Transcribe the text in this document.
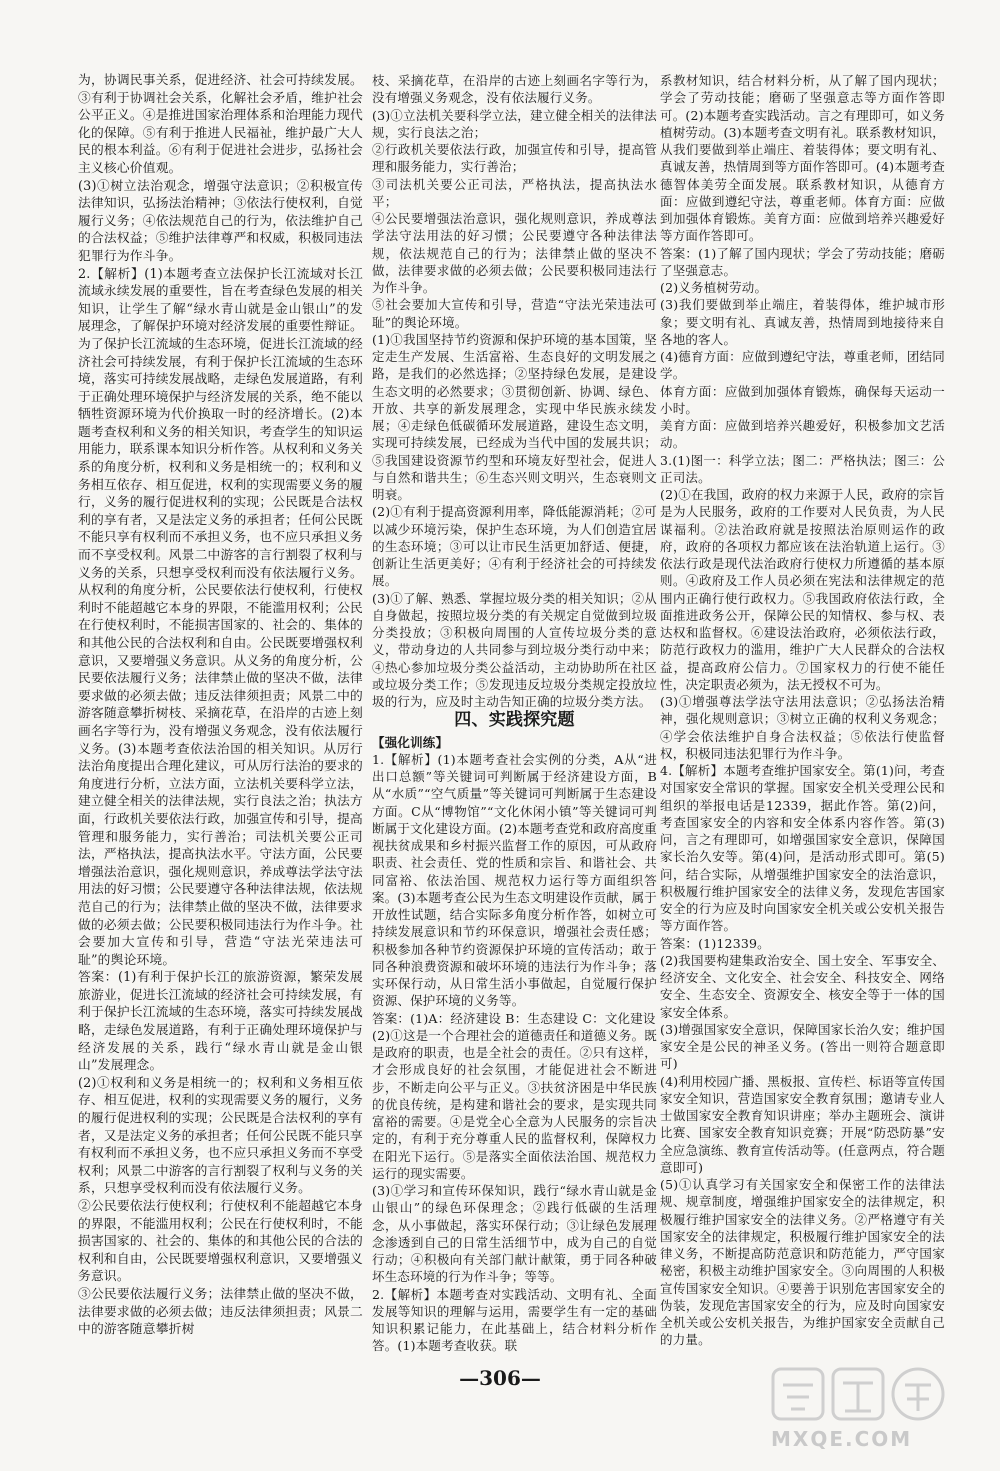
为，协调民事关系，促进经济、社会可持续发展。③有利于协调社会关系，化解社会矛盾，维护社会公平正义。④是推进国家治理体系和治理能力现代化的保障。⑤有利于推进人民福祉，维护最广大人民的根本利益。⑥有利于促进社会进步，弘扬社会主义核心价值观。

(3)①树立法治观念，增强守法意识；②积极宣传法律知识，弘扬法治精神；③依法行使权利，自觉履行义务；④依法规范自己的行为，依法维护自己的合法权益；⑤维护法律尊严和权威，积极同违法犯罪行为作斗争。

2.【解析】(1)本题考查立法保护长江流域对长江流域永续发展的重要性，旨在考查绿色发展的相关知识，让学生了解“绿水青山就是金山银山”的发展理念，了解保护环境对经济发展的重要性辩证。为了保护长江流域的生态环境，促进长江流域的经济社会可持续发展，有利于保护长江流域的生态环境，落实可持续发展战略，走绿色发展道路，有利于正确处理环境保护与经济发展的关系，绝不能以牺牲资源环境为代价换取一时的经济增长。(2)本题考查权利和义务的相关知识，考查学生的知识运用能力，联系课本知识分析作答。从权利和义务关系的角度分析，权利和义务是相统一的；权利和义务相互依存、相互促进，权利的实现需要义务的履行，义务的履行促进权利的实现；公民既是合法权利的享有者，又是法定义务的承担者；任何公民既不能只享有权利而不承担义务，也不应只承担义务而不享受权利。风景二中游客的言行割裂了权利与义务的关系，只想享受权利而没有依法履行义务。从权利的角度分析，公民要依法行使权利，行使权利时不能超越它本身的界限，不能滥用权利；公民在行使权利时，不能损害国家的、社会的、集体的和其他公民的合法权利和自由。公民既要增强权利意识，又要增强义务意识。从义务的角度分析，公民要依法履行义务；法律禁止做的坚决不做，法律要求做的必须去做；违反法律须担责；风景二中的游客随意攀折树枝、采摘花草，在沿岸的古迹上刻画名字等行为，没有增强义务观念，没有依法履行义务。(3)本题考查依法治国的相关知识。从厉行法治角度提出合理化建议，可从厉行法治的要求的角度进行分析，立法方面，立法机关要科学立法，建立健全相关的法律法规，实行良法之治；执法方面，行政机关要依法行政，加强宣传和引导，提高管理和服务能力，实行善治；司法机关要公正司法，严格执法，提高执法水平。守法方面，公民要增强法治意识，强化规则意识，养成尊法学法守法用法的好习惯；公民要遵守各种法律法规，依法规范自己的行为；法律禁止做的坚决不做，法律要求做的必须去做；公民要积极同违法行为作斗争。社会要加大宣传和引导，营造“守法光荣违法可耻”的舆论环境。

答案：(1)有利于保护长江的旅游资源，繁荣发展旅游业，促进长江流域的经济社会可持续发展，有利于保护长江流域的生态环境，落实可持续发展战略，走绿色发展道路，有利于正确处理环境保护与经济发展的关系，践行“绿水青山就是金山银山”发展理念。

(2)①权利和义务是相统一的；权利和义务相互依存、相互促进，权利的实现需要义务的履行，义务的履行促进权利的实现；公民既是合法权利的享有者，又是法定义务的承担者；任何公民既不能只享有权利而不承担义务，也不应只承担义务而不享受权利；风景二中游客的言行割裂了权利与义务的关系，只想享受权利而没有依法履行义务。

②公民要依法行使权利；行使权利不能超越它本身的界限，不能滥用权利；公民在行使权利时，不能损害国家的、社会的、集体的和其他公民的合法的权利和自由，公民既要增强权利意识，又要增强义务意识。

③公民要依法履行义务；法律禁止做的坚决不做，法律要求做的必须去做；违反法律须担责；风景二中的游客随意攀折树

枝、采摘花草，在沿岸的古迹上刻画名字等行为，没有增强义务观念，没有依法履行义务。

(3)①立法机关要科学立法，建立健全相关的法律法规，实行良法之治；

②行政机关要依法行政，加强宣传和引导，提高管理和服务能力，实行善治；

③司法机关要公正司法，严格执法，提高执法水平；

④公民要增强法治意识，强化规则意识，养成尊法学法守法用法的好习惯；公民要遵守各种法律法规，依法规范自己的行为；法律禁止做的坚决不做，法律要求做的必须去做；公民要积极同违法行为作斗争。

⑤社会要加大宣传和引导，营造“守法光荣违法可耻”的舆论环境。

(1)①我国坚持节约资源和保护环境的基本国策，坚定走生产发展、生活富裕、生态良好的文明发展之路，是我们的必然选择；②坚持绿色发展，是建设生态文明的必然要求；③贯彻创新、协调、绿色、开放、共享的新发展理念，实现中华民族永续发展；④走绿色低碳循环发展道路，建设生态文明，实现可持续发展，已经成为当代中国的发展共识；⑤我国建设资源节约型和环境友好型社会，促进人与自然和谐共生；⑥生态兴则文明兴，生态衰则文明衰。

(2)①有利于提高资源利用率，降低能源消耗；②可以减少环境污染，保护生态环境，为人们创造宜居的生态环境；③可以让市民生活更加舒适、便捷，创新让生活更美好；④有利于经济社会的可持续发展。

(3)①了解、熟悉、掌握垃圾分类的相关知识；②从自身做起，按照垃圾分类的有关规定自觉做到垃圾分类投放；③积极向周围的人宣传垃圾分类的意义，带动身边的人共同参与到垃圾分类行动中来；④热心参加垃圾分类公益活动，主动协助所在社区或垃圾分类工作；⑤发现违反垃圾分类规定投放垃圾的行为，应及时主动告知正确的垃圾分类方法。

四、实践探究题

【强化训练】

1.【解析】(1)本题考查社会实例的分类，A从“进出口总额”等关键词可判断属于经济建设方面，B从“水质”“空气质量”等关键词可判断属于生态建设方面。C从“博物馆”“文化休闲小镇”等关键词可判断属于文化建设方面。(2)本题考查党和政府高度重视扶贫成果和乡村振兴监督工作的原因，可从政府职责、社会责任、党的性质和宗旨、和谐社会、共同富裕、依法治国、规范权力运行等方面组织答案。(3)本题考查公民为生态文明建设作贡献，属于开放性试题，结合实际多角度分析作答，如树立可持续发展意识和节约环保意识，增强社会责任感；积极参加各种节约资源保护环境的宣传活动；敢于同各种浪费资源和破坏环境的违法行为作斗争；落实环保行动，从日常生活小事做起，自觉履行保护资源、保护环境的义务等。

答案：(1)A：经济建设 B：生态建设 C：文化建设

(2)①这是一个合理社会的道德责任和道德义务。既是政府的职责，也是全社会的责任。②只有这样，才会形成良好的社会氛围，才能促进社会不断进步，不断走向公平与正义。③扶贫济困是中华民族的优良传统，是构建和谐社会的要求，是实现共同富裕的需要。④是党全心全意为人民服务的宗旨决定的，有利于充分尊重人民的监督权利，保障权力在阳光下运行。⑤是落实全面依法治国、规范权力运行的现实需要。

(3)①学习和宣传环保知识，践行“绿水青山就是金山银山”的绿色环保理念；②践行低碳的生活理念，从小事做起，落实环保行动；③让绿色发展理念渗透到自己的日常生活细节中，成为自己的自觉行动；④积极向有关部门献计献策，勇于同各种破坏生态环境的行为作斗争；等等。

2.【解析】本题考查对实践活动、文明有礼、全面发展等知识的理解与运用，需要学生有一定的基础知识积累记能力，在此基础上，结合材料分析作答。(1)本题考查收获。联

系教材知识，结合材料分析，从了解了国内现状；学会了劳动技能；磨砺了坚强意志等方面作答即可。(2)本题考查实践活动。言之有理即可，如义务植树劳动。(3)本题考查文明有礼。联系教材知识，从我们要做到举止端庄、着装得体；要文明有礼、真诚友善，热情周到等方面作答即可。(4)本题考查德智体美劳全面发展。联系教材知识，从德育方面：应做到遵纪守法，尊重老师。体育方面：应做到加强体育锻炼。美育方面：应做到培养兴趣爱好等方面作答即可。

答案：(1)了解了国内现状；学会了劳动技能；磨砺了坚强意志。

(2)义务植树劳动。

(3)我们要做到举止端庄，着装得体，维护城市形象；要文明有礼、真诚友善，热情周到地接待来自各地的客人。

(4)德育方面：应做到遵纪守法，尊重老师，团结同学。

体育方面：应做到加强体育锻炼，确保每天运动一小时。

美育方面：应做到培养兴趣爱好，积极参加文艺活动。

3.(1)图一：科学立法；图二：严格执法；图三：公正司法。

(2)①在我国，政府的权力来源于人民，政府的宗旨是为人民服务，政府的工作要对人民负责，为人民谋福利。②法治政府就是按照法治原则运作的政府，政府的各项权力都应该在法治轨道上运行。③依法行政是现代法治政府行使权力所遵循的基本原则。④政府及工作人员必须在宪法和法律规定的范围内正确行使行政权力。⑤我国政府依法行政，全面推进政务公开，保障公民的知情权、参与权、表达权和监督权。⑥建设法治政府，必须依法行政，防范行政权力的滥用，维护广大人民群众的合法权益，提高政府公信力。⑦国家权力的行使不能任性，决定职责必须为，法无授权不可为。

(3)①增强尊法学法守法用法意识；②弘扬法治精神，强化规则意识；③树立正确的权利义务观念；④学会依法维护自身合法权益；⑤依法行使监督权，积极同违法犯罪行为作斗争。

4.【解析】本题考查维护国家安全。第(1)问，考查对国家安全常识的掌握。国家安全机关受理公民和组织的举报电话是12339，据此作答。第(2)问，考查国家安全的内容和安全体系内容作答。第(3)问，言之有理即可，如增强国家安全意识，保障国家长治久安等。第(4)问，是活动形式即可。第(5)问，结合实际，从增强维护国家安全的法治意识，积极履行维护国家安全的法律义务，发现危害国家安全的行为应及时向国家安全机关或公安机关报告等方面作答。

答案：(1)12339。

(2)我国要构建集政治安全、国土安全、军事安全、经济安全、文化安全、社会安全、科技安全、网络安全、生态安全、资源安全、核安全等于一体的国家安全体系。

(3)增强国家安全意识，保障国家长治久安；维护国家安全是公民的神圣义务。(答出一则符合题意即可)

(4)利用校园广播、黑板报、宣传栏、标语等宣传国家安全知识，营造国家安全教育氛围；邀请专业人士做国家安全教育知识讲座；举办主题班会、演讲比赛、国家安全教育知识竞赛；开展“防恐防暴”安全应急演练、教育宣传活动等。(任意两点，符合题意即可)

(5)①认真学习有关国家安全和保密工作的法律法规、规章制度，增强维护国家安全的法律规定，积极履行维护国家安全的法律义务。②严格遵守有关国家安全的法律规定，积极履行维护国家安全的法律义务，不断提高防范意识和防范能力，严守国家秘密，积极主动维护国家安全。③向周围的人积极宣传国家安全知识。④要善于识别危害国家安全的伪装，发现危害国家安全的行为，应及时向国家安全机关或公安机关报告，为维护国家安全贡献自己的力量。

—306—
MXQE.COM
